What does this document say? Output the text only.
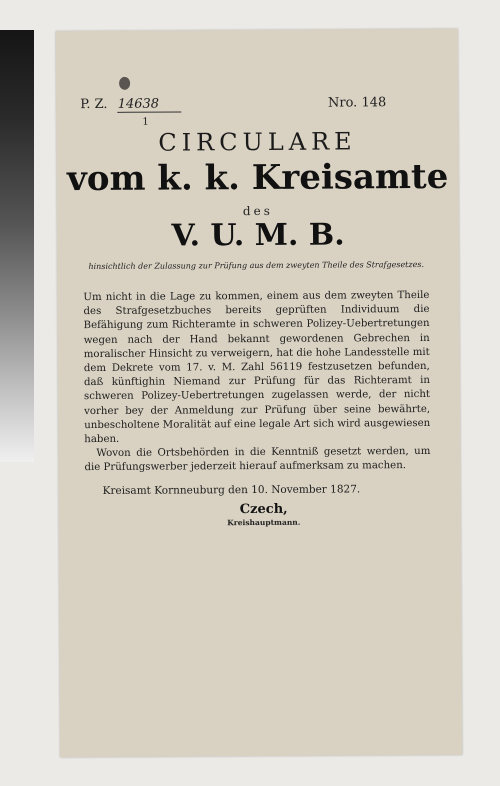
P. Z. 14638	Nro. 148
1
CIRCULARE
vom k. k. Kreisamte
des
V. U. M. B.
hinsichtlich der Zulassung zur Prüfung aus dem zweyten Theile des Strafgesetzes.
Um nicht in die Lage zu kommen, einem aus dem zweyten Theile des Strafgesetzbuches bereits geprüften Individuum die Befähigung zum Richteramte in schweren Polizey-Uebertretungen wegen nach der Hand bekannt gewordenen Gebrechen in moralischer Hinsicht zu verweigern, hat die hohe Landesstelle mit dem Dekrete vom 17. v. M. Zahl 56119 festzusetzen befunden, daß künftighin Niemand zur Prüfung für das Richteramt in schweren Polizey-Uebertretungen zugelassen werde, der nicht vorher bey der Anmeldung zur Prüfung über seine bewährte, unbescholtene Moralität auf eine legale Art sich wird ausgewiesen haben.
Wovon die Ortsbehörden in die Kenntniß gesetzt werden, um die Prüfungswerber jederzeit hierauf aufmerksam zu machen.
Kreisamt Kornneuburg den 10. November 1827.
Czech,
Kreishauptmann.
